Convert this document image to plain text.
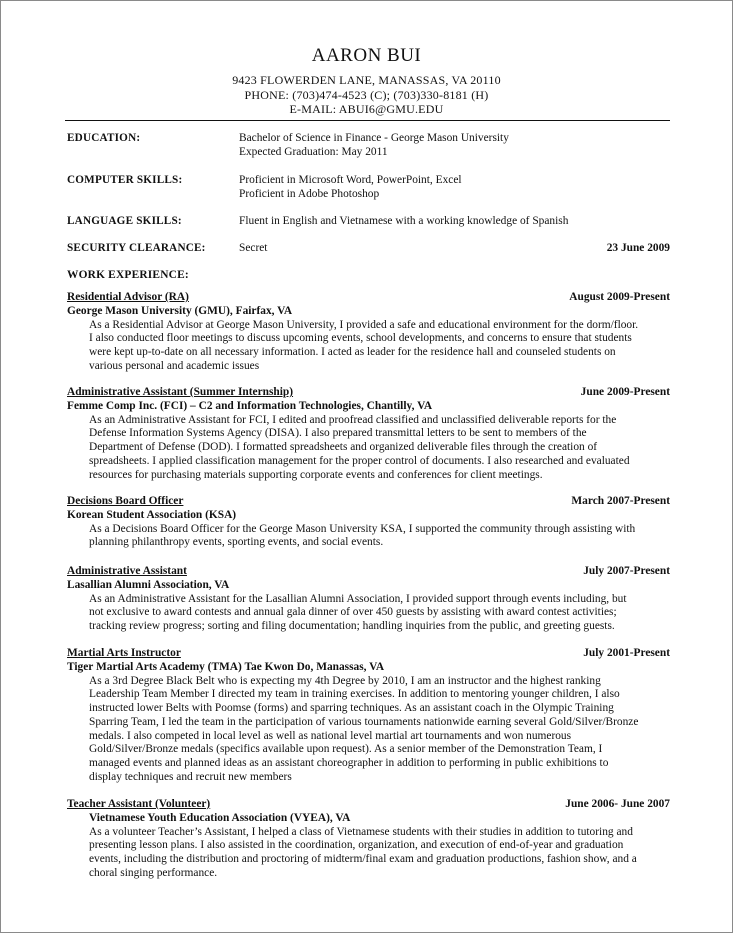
AARON BUI
9423 FLOWERDEN LANE, MANASSAS, VA 20110
PHONE: (703)474-4523 (C); (703)330-8181 (H)
E-MAIL: ABUI6@GMU.EDU
EDUCATION:	Bachelor of Science in Finance - George Mason University
Expected Graduation: May 2011
COMPUTER SKILLS:	Proficient in Microsoft Word, PowerPoint, Excel
Proficient in Adobe Photoshop
LANGUAGE SKILLS:	Fluent in English and Vietnamese with a working knowledge of Spanish
SECURITY CLEARANCE:	Secret	23 June 2009
WORK EXPERIENCE:
Residential Advisor (RA)	August 2009-Present
George Mason University (GMU), Fairfax, VA
As a Residential Advisor at George Mason University, I provided a safe and educational environment for the dorm/floor.
I also conducted floor meetings to discuss upcoming events, school developments, and concerns to ensure that students
were kept up-to-date on all necessary information. I acted as leader for the residence hall and counseled students on
various personal and academic issues
Administrative Assistant (Summer Internship)	June 2009-Present
Femme Comp Inc. (FCI) – C2 and Information Technologies, Chantilly, VA
As an Administrative Assistant for FCI, I edited and proofread classified and unclassified deliverable reports for the
Defense Information Systems Agency (DISA). I also prepared transmittal letters to be sent to members of the
Department of Defense (DOD). I formatted spreadsheets and organized deliverable files through the creation of
spreadsheets. I applied classification management for the proper control of documents. I also researched and evaluated
resources for purchasing materials supporting corporate events and conferences for client meetings.
Decisions Board Officer	March 2007-Present
Korean Student Association (KSA)
As a Decisions Board Officer for the George Mason University KSA, I supported the community through assisting with
planning philanthropy events, sporting events, and social events.
Administrative Assistant	July 2007-Present
Lasallian Alumni Association, VA
As an Administrative Assistant for the Lasallian Alumni Association, I provided support through events including, but
not exclusive to award contests and annual gala dinner of over 450 guests by assisting with award contest activities;
tracking review progress; sorting and filing documentation; handling inquiries from the public, and greeting guests.
Martial Arts Instructor	July 2001-Present
Tiger Martial Arts Academy (TMA) Tae Kwon Do, Manassas, VA
As a 3rd Degree Black Belt who is expecting my 4th Degree by 2010, I am an instructor and the highest ranking
Leadership Team Member I directed my team in training exercises. In addition to mentoring younger children, I also
instructed lower Belts with Poomse (forms) and sparring techniques. As an assistant coach in the Olympic Training
Sparring Team, I led the team in the participation of various tournaments nationwide earning several Gold/Silver/Bronze
medals. I also competed in local level as well as national level martial art tournaments and won numerous
Gold/Silver/Bronze medals (specifics available upon request). As a senior member of the Demonstration Team, I
managed events and planned ideas as an assistant choreographer in addition to performing in public exhibitions to
display techniques and recruit new members
Teacher Assistant (Volunteer)	June 2006- June 2007
Vietnamese Youth Education Association (VYEA), VA
As a volunteer Teacher’s Assistant, I helped a class of Vietnamese students with their studies in addition to tutoring and
presenting lesson plans. I also assisted in the coordination, organization, and execution of end-of-year and graduation
events, including the distribution and proctoring of midterm/final exam and graduation productions, fashion show, and a
choral singing performance.
